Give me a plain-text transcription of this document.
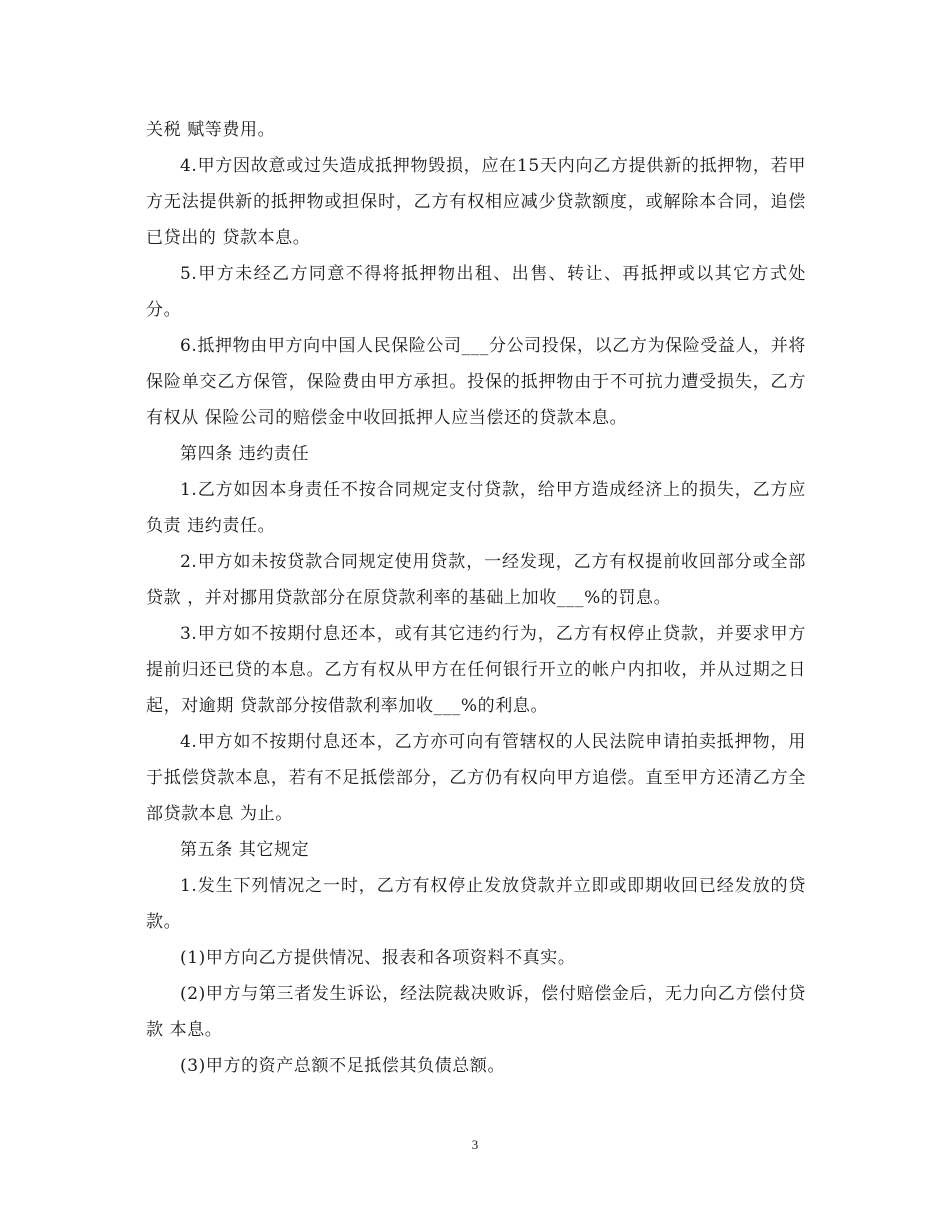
关税 赋等费用。

4.甲方因故意或过失造成抵押物毁损，应在15天内向乙方提供新的抵押物，若甲方无法提供新的抵押物或担保时，乙方有权相应减少贷款额度，或解除本合同，追偿已贷出的 贷款本息。

5.甲方未经乙方同意不得将抵押物出租、出售、转让、再抵押或以其它方式处分。

6.抵押物由甲方向中国人民保险公司___分公司投保，以乙方为保险受益人，并将保险单交乙方保管，保险费由甲方承担。投保的抵押物由于不可抗力遭受损失，乙方有权从 保险公司的赔偿金中收回抵押人应当偿还的贷款本息。

第四条 违约责任

1.乙方如因本身责任不按合同规定支付贷款，给甲方造成经济上的损失，乙方应负责 违约责任。

2.甲方如未按贷款合同规定使用贷款，一经发现，乙方有权提前收回部分或全部贷款 ，并对挪用贷款部分在原贷款利率的基础上加收___%的罚息。

3.甲方如不按期付息还本，或有其它违约行为，乙方有权停止贷款，并要求甲方提前归还已贷的本息。乙方有权从甲方在任何银行开立的帐户内扣收，并从过期之日起，对逾期 贷款部分按借款利率加收___%的利息。

4.甲方如不按期付息还本，乙方亦可向有管辖权的人民法院申请拍卖抵押物，用于抵偿贷款本息，若有不足抵偿部分，乙方仍有权向甲方追偿。直至甲方还清乙方全部贷款本息 为止。

第五条 其它规定

1.发生下列情况之一时，乙方有权停止发放贷款并立即或即期收回已经发放的贷款。

(1)甲方向乙方提供情况、报表和各项资料不真实。

(2)甲方与第三者发生诉讼，经法院裁决败诉，偿付赔偿金后，无力向乙方偿付贷款 本息。

(3)甲方的资产总额不足抵偿其负债总额。

3
